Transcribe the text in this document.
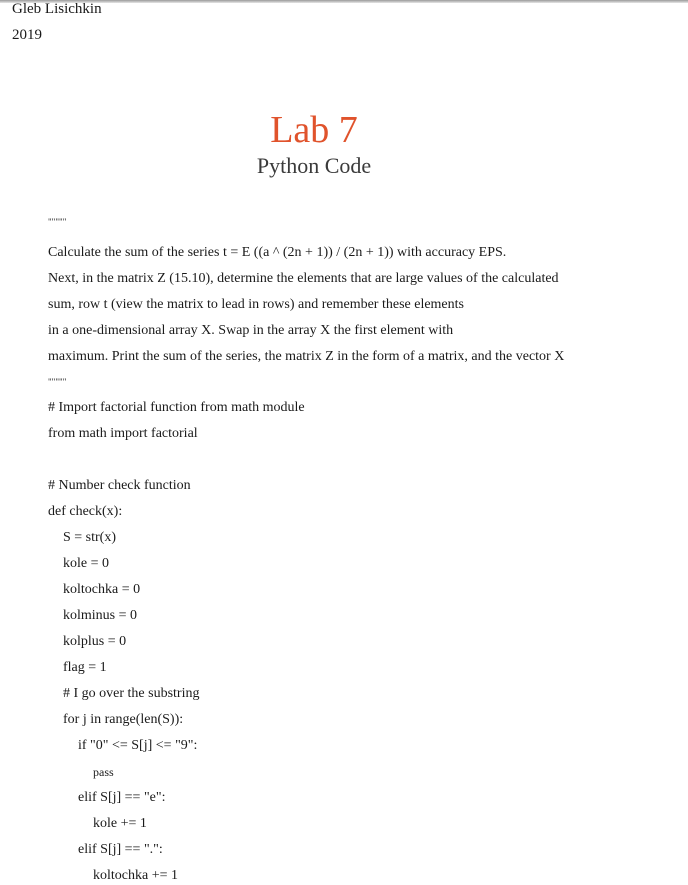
Gleb Lisichkin
2019
Lab 7
Python Code
"""""
Calculate the sum of the series t = E ((a ^ (2n + 1)) / (2n + 1)) with accuracy EPS.
Next, in the matrix Z (15.10), determine the elements that are large values of the calculated
sum, row t (view the matrix to lead in rows) and remember these elements
in a one-dimensional array X. Swap in the array X the first element with
maximum. Print the sum of the series, the matrix Z in the form of a matrix, and the vector X
"""""
# Import factorial function from math module
from math import factorial
# Number check function
def check(x):
S = str(x)
kole = 0
koltochka = 0
kolminus = 0
kolplus = 0
flag = 1
# I go over the substring
for j in range(len(S)):
if "0" <= S[j] <= "9":
pass
elif S[j] == "e":
kole += 1
elif S[j] == ".":
koltochka += 1
